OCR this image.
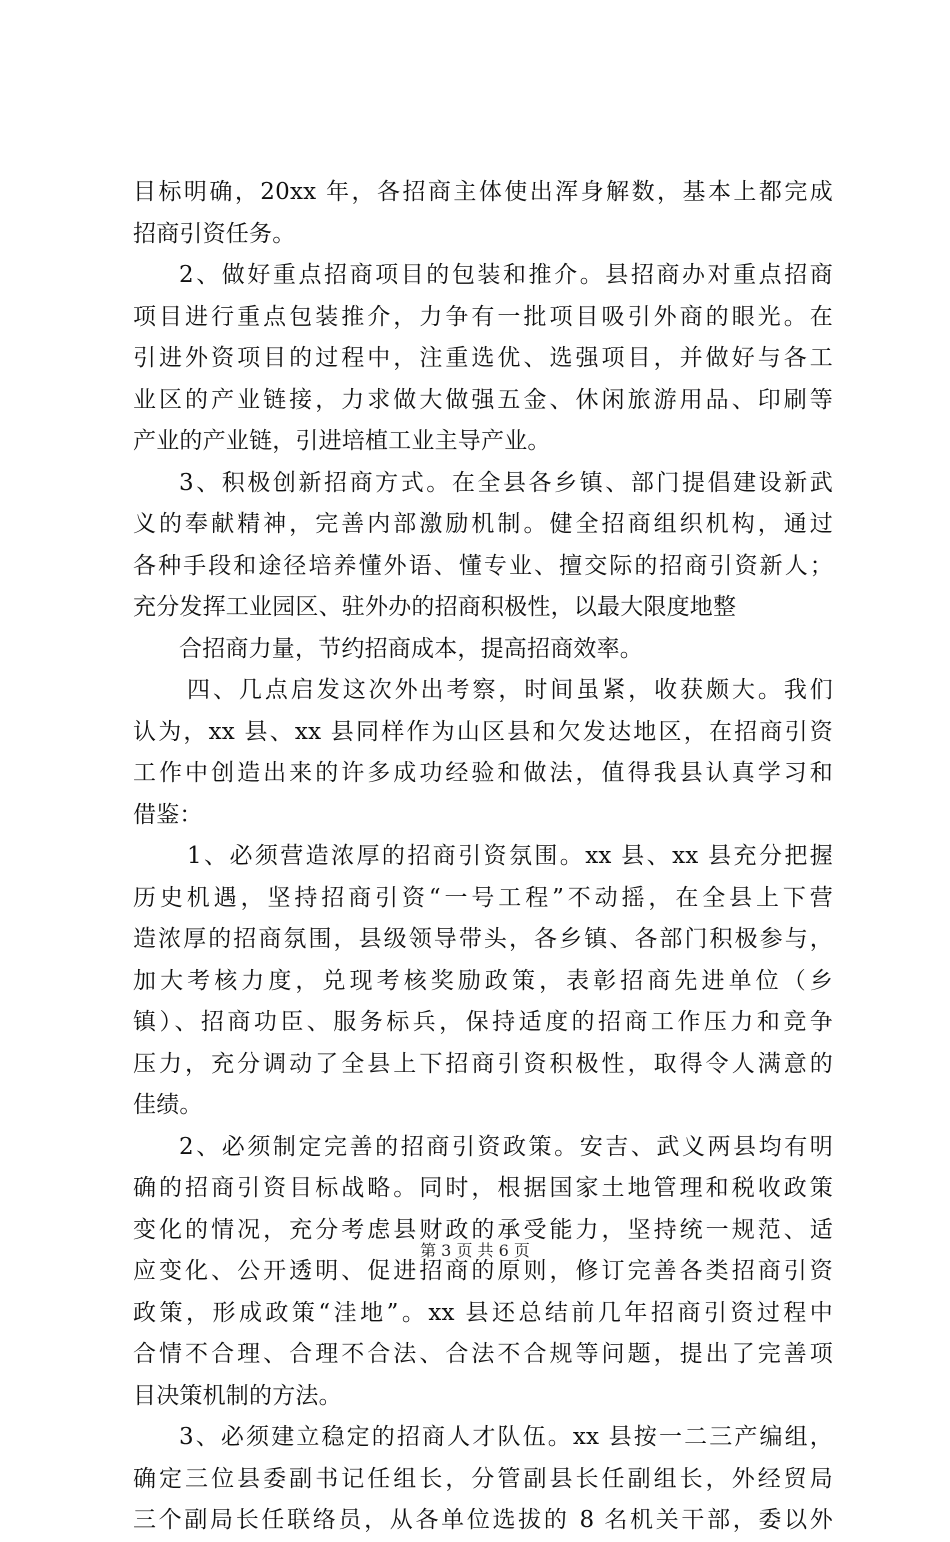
目标明确，20xx 年，各招商主体使出浑身解数，基本上都完成
招商引资任务。
2、做好重点招商项目的包装和推介。县招商办对重点招商
项目进行重点包装推介，力争有一批项目吸引外商的眼光。在
引进外资项目的过程中，注重选优、选强项目，并做好与各工
业区的产业链接，力求做大做强五金、休闲旅游用品、印刷等
产业的产业链，引进培植工业主导产业。
3、积极创新招商方式。在全县各乡镇、部门提倡建设新武
义的奉献精神，完善内部激励机制。健全招商组织机构，通过
各种手段和途径培养懂外语、懂专业、擅交际的招商引资新人；
充分发挥工业园区、驻外办的招商积极性，以最大限度地整
合招商力量，节约招商成本，提高招商效率。
四、几点启发这次外出考察，时间虽紧，收获颇大。我们
认为，xx 县、xx 县同样作为山区县和欠发达地区，在招商引资
工作中创造出来的许多成功经验和做法，值得我县认真学习和
借鉴：
1、必须营造浓厚的招商引资氛围。xx 县、xx 县充分把握
历史机遇，坚持招商引资“一号工程”不动摇，在全县上下营
造浓厚的招商氛围，县级领导带头，各乡镇、各部门积极参与，
加大考核力度，兑现考核奖励政策，表彰招商先进单位（乡
镇）、招商功臣、服务标兵，保持适度的招商工作压力和竞争
压力，充分调动了全县上下招商引资积极性，取得令人满意的
佳绩。
2、必须制定完善的招商引资政策。安吉、武义两县均有明
确的招商引资目标战略。同时，根据国家土地管理和税收政策
变化的情况，充分考虑县财政的承受能力，坚持统一规范、适
应变化、公开透明、促进招商的原则，修订完善各类招商引资
政策，形成政策“洼地”。xx 县还总结前几年招商引资过程中
合情不合理、合理不合法、合法不合规等问题，提出了完善项
目决策机制的方法。
3、必须建立稳定的招商人才队伍。xx 县按一二三产编组，
确定三位县委副书记任组长，分管副县长任副组长，外经贸局
三个副局长任联络员，从各单位选拔的 8 名机关干部，委以外
第 3 页 共 6 页
